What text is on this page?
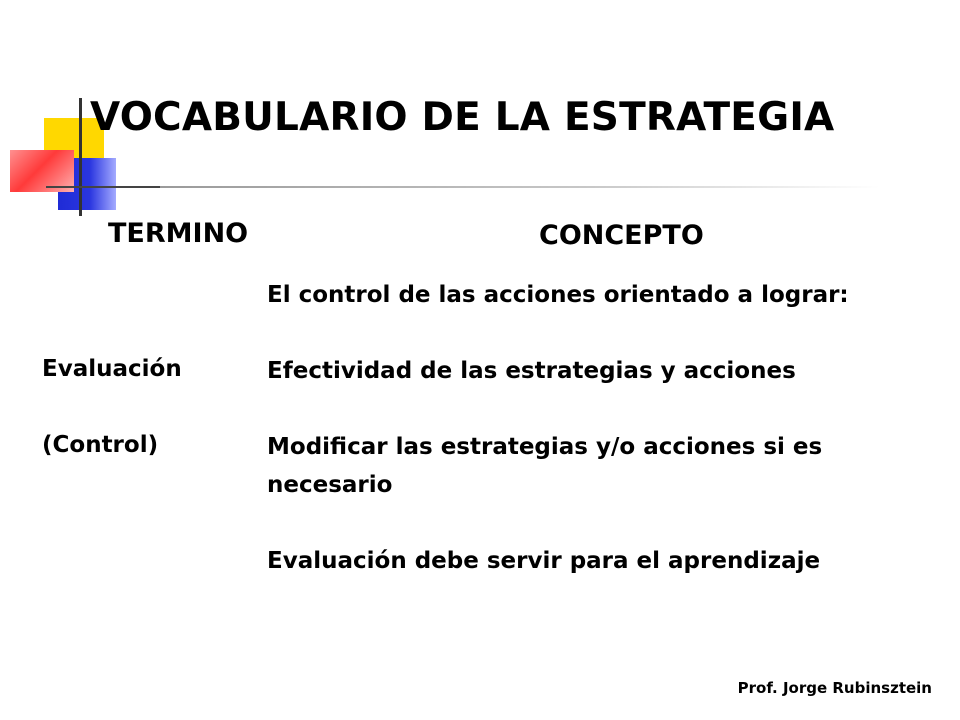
VOCABULARIO DE LA ESTRATEGIA
TERMINO	CONCEPTO
Evaluación
(Control)

El control de las acciones orientado a lograr:

Efectividad de las estrategias y acciones

Modificar las estrategias y/o acciones si es necesario

Evaluación debe servir para el aprendizaje

Prof. Jorge Rubinsztein
